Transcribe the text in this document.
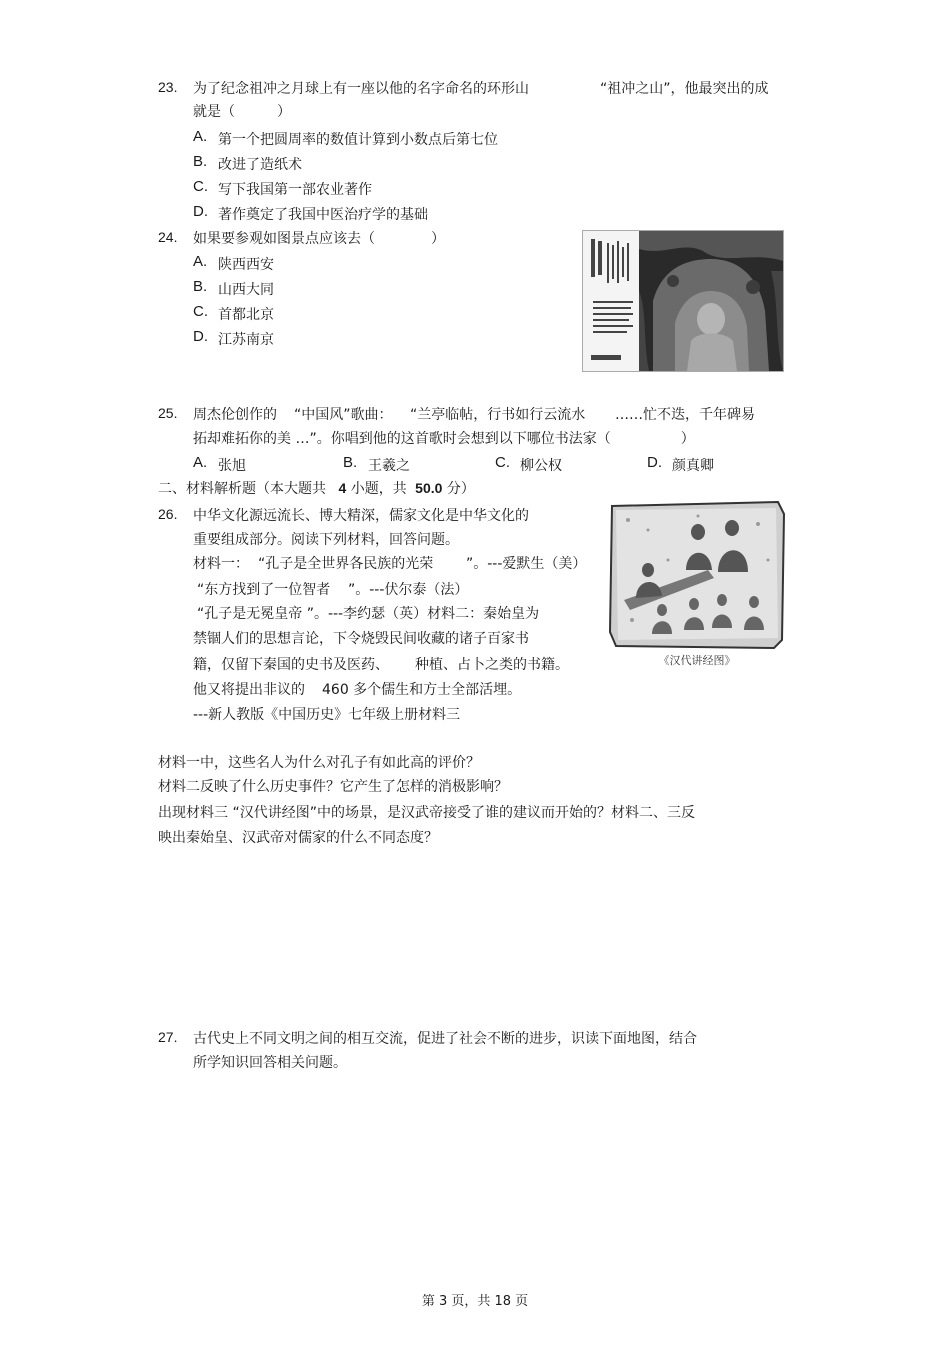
23. 为了纪念祖冲之月球上有一座以他的名字命名的环形山	“祖冲之山”，他最突出的成
就是（　　　）
A. 第一个把圆周率的数值计算到小数点后第七位
B. 改进了造纸术
C. 写下我国第一部农业著作
D. 著作奠定了我国中医治疗学的基础
24. 如果要参观如图景点应该去（　　　　）
A. 陕西西安
B. 山西大同
C. 首都北京
D. 江苏南京
25. 周杰伦创作的 “中国风”歌曲： “兰亭临帖，行书如行云流水 ……忙不迭，千年碑易
拓却难拓你的美 …”。你唱到他的这首歌时会想到以下哪位书法家（　　　　　）
A. 张旭	B. 王羲之	C. 柳公权	D. 颜真卿
二、材料解析题（本大题共 4 小题，共 50.0 分）
26. 中华文化源远流长、博大精深，儒家文化是中华文化的
重要组成部分。阅读下列材料，回答问题。
材料一： “孔子是全世界各民族的光荣 ”。---爱默生（美）
“东方找到了一位智者 ”。---伏尔泰（法）
“孔子是无冕皇帝 ”。---李约瑟（英）材料二：秦始皇为
禁锢人们的思想言论，下令烧毁民间收藏的诸子百家书
籍，仅留下秦国的史书及医药、 种植、占卜之类的书籍。
他又将提出非议的 460 多个儒生和方士全部活埋。
---新人教版《中国历史》七年级上册材料三
《汉代讲经图》
材料一中，这些名人为什么对孔子有如此高的评价？
材料二反映了什么历史事件？它产生了怎样的消极影响？
出现材料三 “汉代讲经图”中的场景，是汉武帝接受了谁的建议而开始的？材料二、三反
映出秦始皇、汉武帝对儒家的什么不同态度？
27. 古代史上不同文明之间的相互交流，促进了社会不断的进步，识读下面地图，结合
所学知识回答相关问题。
第 3 页，共 18 页
